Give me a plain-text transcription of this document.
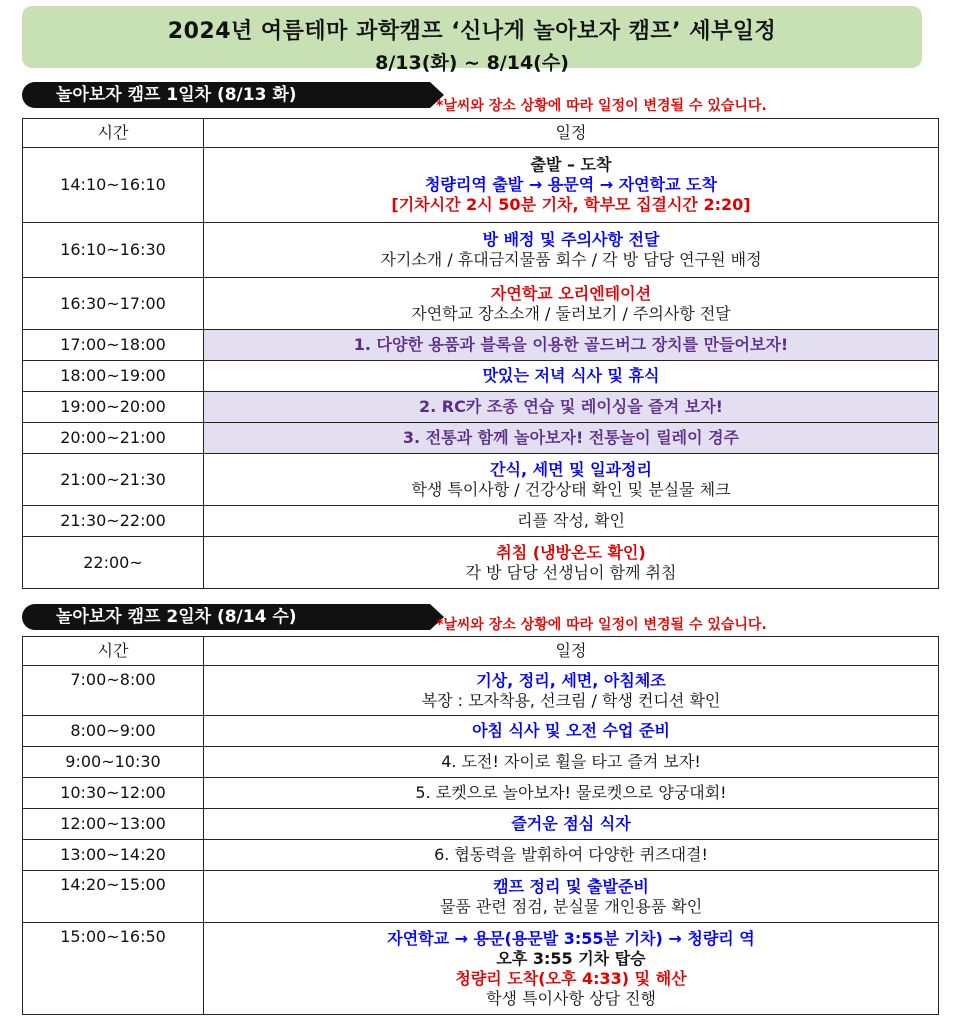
2024년 여름테마 과학캠프 ‘신나게 놀아보자 캠프’ 세부일정
8/13(화) ~ 8/14(수)
놀아보자 캠프 1일차 (8/13 화)
*날씨와 장소 상황에 따라 일정이 변경될 수 있습니다.
시간	일정
14:10~16:10	출발 – 도착
청량리역 출발 → 용문역 → 자연학교 도착
[기차시간 2시 50분 기차, 학부모 집결시간 2:20]

16:10~16:30	방 배정 및 주의사항 전달
자기소개 / 휴대금지물품 회수 / 각 방 담당 연구원 배정

16:30~17:00	자연학교 오리엔테이션
자연학교 장소소개 / 둘러보기 / 주의사항 전달

17:00~18:00	1. 다양한 용품과 블록을 이용한 골드버그 장치를 만들어보자!
18:00~19:00	맛있는 저녁 식사 및 휴식
19:00~20:00	2. RC카 조종 연습 및 레이싱을 즐겨 보자!
20:00~21:00	3. 전통과 함께 놀아보자! 전통놀이 릴레이 경주
21:00~21:30	간식, 세면 및 일과정리
학생 특이사항 / 건강상태 확인 및 분실물 체크

21:30~22:00	리플 작성, 확인
22:00~	취침 (냉방온도 확인)
각 방 담당 선생님이 함께 취침
놀아보자 캠프 2일차 (8/14 수)	*날씨와 장소 상황에 따라 일정이 변경될 수 있습니다.
시간	일정
7:00~8:00	기상, 정리, 세면, 아침체조
복장 : 모자착용, 선크림 / 학생 컨디션 확인

8:00~9:00	아침 식사 및 오전 수업 준비
9:00~10:30	4. 도전! 자이로 휠을 타고 즐겨 보자!
10:30~12:00	5. 로켓으로 놀아보자! 물로켓으로 양궁대회!
12:00~13:00	즐거운 점심 식자
13:00~14:20	6. 협동력을 발휘하여 다양한 퀴즈대결!
14:20~15:00	캠프 정리 및 출발준비
물품 관련 점검, 분실물 개인용품 확인

15:00~16:50	자연학교 → 용문(용문발 3:55분 기차) → 청량리 역
오후 3:55 기차 탑승
청량리 도착(오후 4:33) 및 해산
학생 특이사항 상담 진행
